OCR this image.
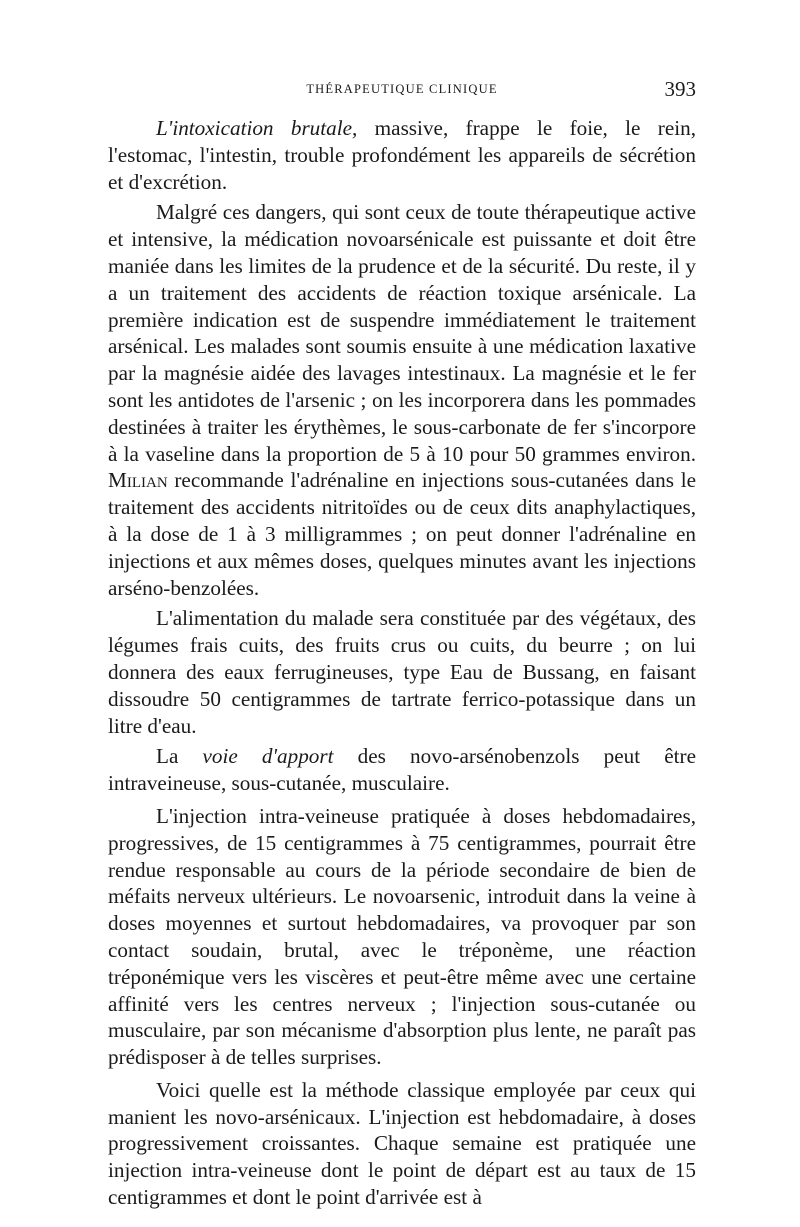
THÉRAPEUTIQUE CLINIQUE	393

L'intoxication brutale, massive, frappe le foie, le rein, l'estomac, l'intestin, trouble profondément les appareils de sécrétion et d'excrétion.

Malgré ces dangers, qui sont ceux de toute thérapeutique active et intensive, la médication novoarsénicale est puissante et doit être maniée dans les limites de la prudence et de la sécurité. Du reste, il y a un traitement des accidents de réaction toxique arsénicale. La première indication est de suspendre immédiatement le traitement arsénical. Les malades sont soumis ensuite à une médication laxative par la magnésie aidée des lavages intestinaux. La magnésie et le fer sont les antidotes de l'arsenic ; on les incorporera dans les pommades destinées à traiter les érythèmes, le sous-carbonate de fer s'incorpore à la vaseline dans la proportion de 5 à 10 pour 50 grammes environ. Milian recommande l'adrénaline en injections sous-cutanées dans le traitement des accidents nitritoïdes ou de ceux dits anaphylactiques, à la dose de 1 à 3 milligrammes ; on peut donner l'adrénaline en injections et aux mêmes doses, quelques minutes avant les injections arséno-benzolées.

L'alimentation du malade sera constituée par des végétaux, des légumes frais cuits, des fruits crus ou cuits, du beurre ; on lui donnera des eaux ferrugineuses, type Eau de Bussang, en faisant dissoudre 50 centigrammes de tartrate ferrico-potassique dans un litre d'eau.

La voie d'apport des novo-arsénobenzols peut être intraveineuse, sous-cutanée, musculaire.

L'injection intra-veineuse pratiquée à doses hebdomadaires, progressives, de 15 centigrammes à 75 centigrammes, pourrait être rendue responsable au cours de la période secondaire de bien de méfaits nerveux ultérieurs. Le novoarsenic, introduit dans la veine à doses moyennes et surtout hebdomadaires, va provoquer par son contact soudain, brutal, avec le tréponème, une réaction tréponémique vers les viscères et peut-être même avec une certaine affinité vers les centres nerveux ; l'injection sous-cutanée ou musculaire, par son mécanisme d'absorption plus lente, ne paraît pas prédisposer à de telles surprises.

Voici quelle est la méthode classique employée par ceux qui manient les novo-arsénicaux. L'injection est hebdomadaire, à doses progressivement croissantes. Chaque semaine est pratiquée une injection intra-veineuse dont le point de départ est au taux de 15 centigrammes et dont le point d'arrivée est à
